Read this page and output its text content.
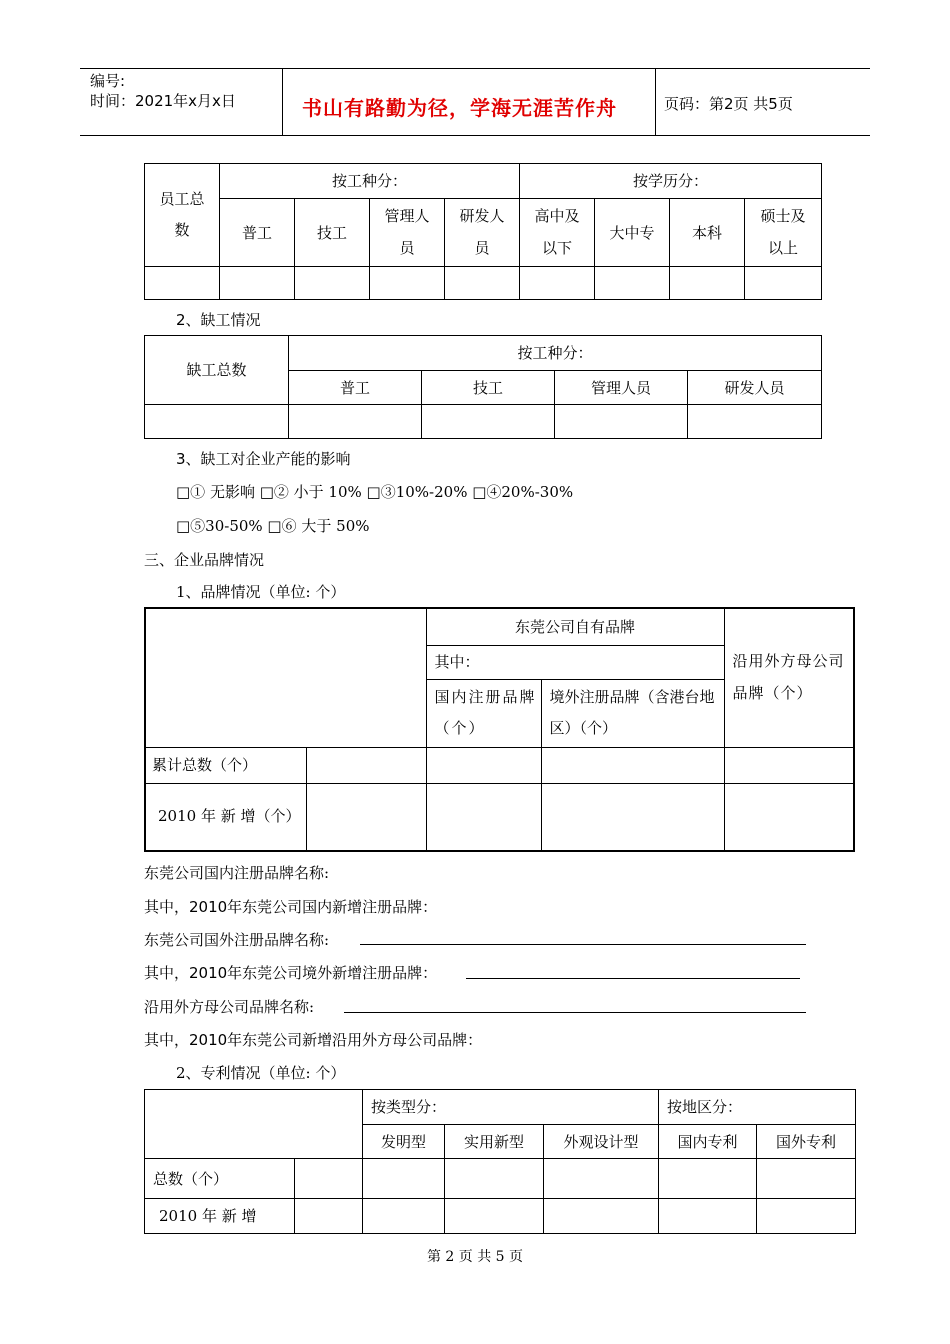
编号:
时间：2021年x月x日	书山有路勤为径，学海无涯苦作舟	页码：第2页 共5页
员工总数	按工种分：				按学历分：			
	普工	技工	管理人员	研发人员	高中及以下	大中专	本科	硕士及以上

2、缺工情况
缺工总数	按工种分：			
	普工	技工	管理人员	研发人员

3、缺工对企业产能的影响
□① 无影响 □② 小于 10% □③10%-20% □④20%-30%
□⑤30-50% □⑥ 大于 50%
三、企业品牌情况
1、品牌情况（单位: 个）
		东莞公司自有品牌		沿用外方母公司品牌（个）
		其中：		
		国内注册品牌（个）	境外注册品牌（含港台地区）（个）	
累计总数（个）				
2010 年 新 增（个）				
东莞公司国内注册品牌名称:
其中，2010年东莞公司国内新增注册品牌：
东莞公司国外注册品牌名称:
其中，2010年东莞公司境外新增注册品牌：
沿用外方母公司品牌名称:
其中，2010年东莞公司新增沿用外方母公司品牌：
2、专利情况（单位: 个）
		按类型分：			按地区分：	
		发明型	实用新型	外观设计型	国内专利	国外专利
总数（个）						
2010 年 新 增						
第 2 页 共 5 页
